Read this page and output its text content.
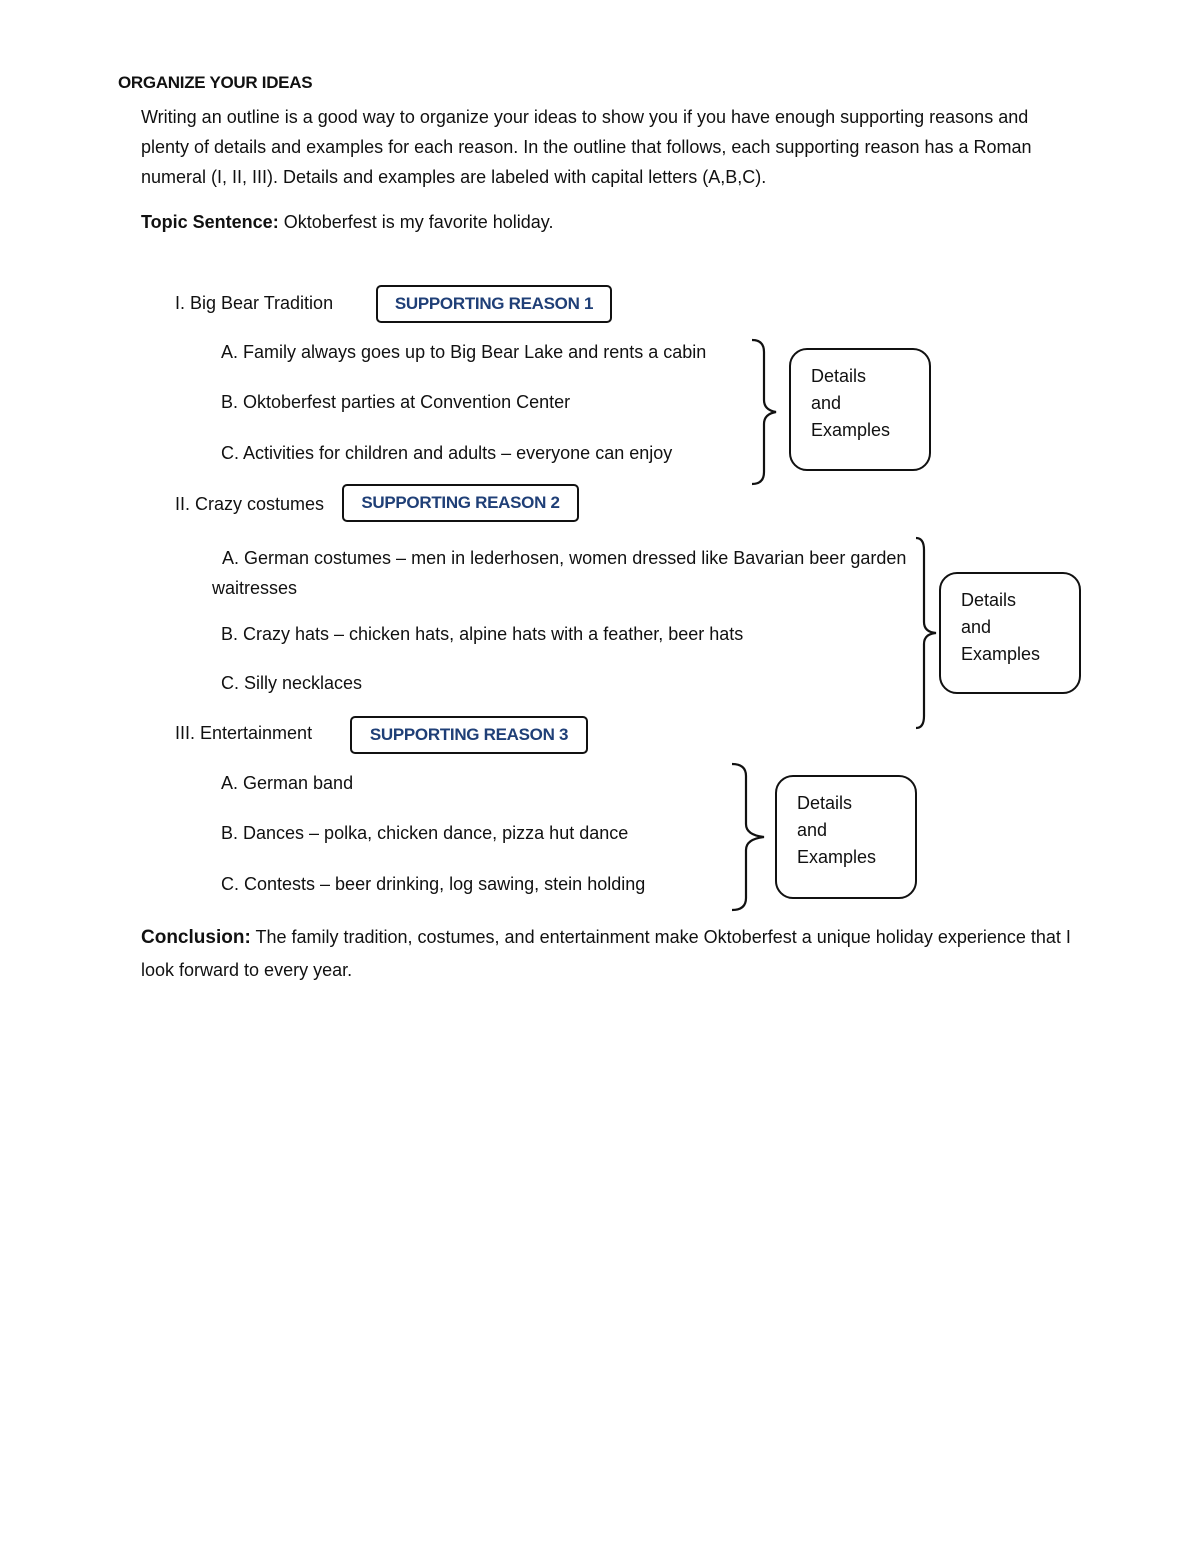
ORGANIZE YOUR IDEAS

Writing an outline is a good way to organize your ideas to show you if you have enough supporting reasons and plenty of details and examples for each reason. In the outline that follows, each supporting reason has a Roman numeral (I, II, III). Details and examples are labeled with capital letters (A,B,C).

Topic Sentence: Oktoberfest is my favorite holiday.
I. Big Bear Tradition	SUPPORTING REASON 1
A. Family always goes up to Big Bear Lake and rents a cabin
B. Oktoberfest parties at Convention Center
C. Activities for children and adults – everyone can enjoy
Details
and
Examples
II. Crazy costumes SUPPORTING REASON 2
A. German costumes – men in lederhosen, women dressed like Bavarian beer garden waitresses
B. Crazy hats – chicken hats, alpine hats with a feather, beer hats
C. Silly necklaces
Details
and
Examples
III. Entertainment	SUPPORTING REASON 3
A. German band
B. Dances – polka, chicken dance, pizza hut dance
C. Contests – beer drinking, log sawing, stein holding
Details
and
Examples
Conclusion: The family tradition, costumes, and entertainment make Oktoberfest a unique holiday experience that I look forward to every year.
